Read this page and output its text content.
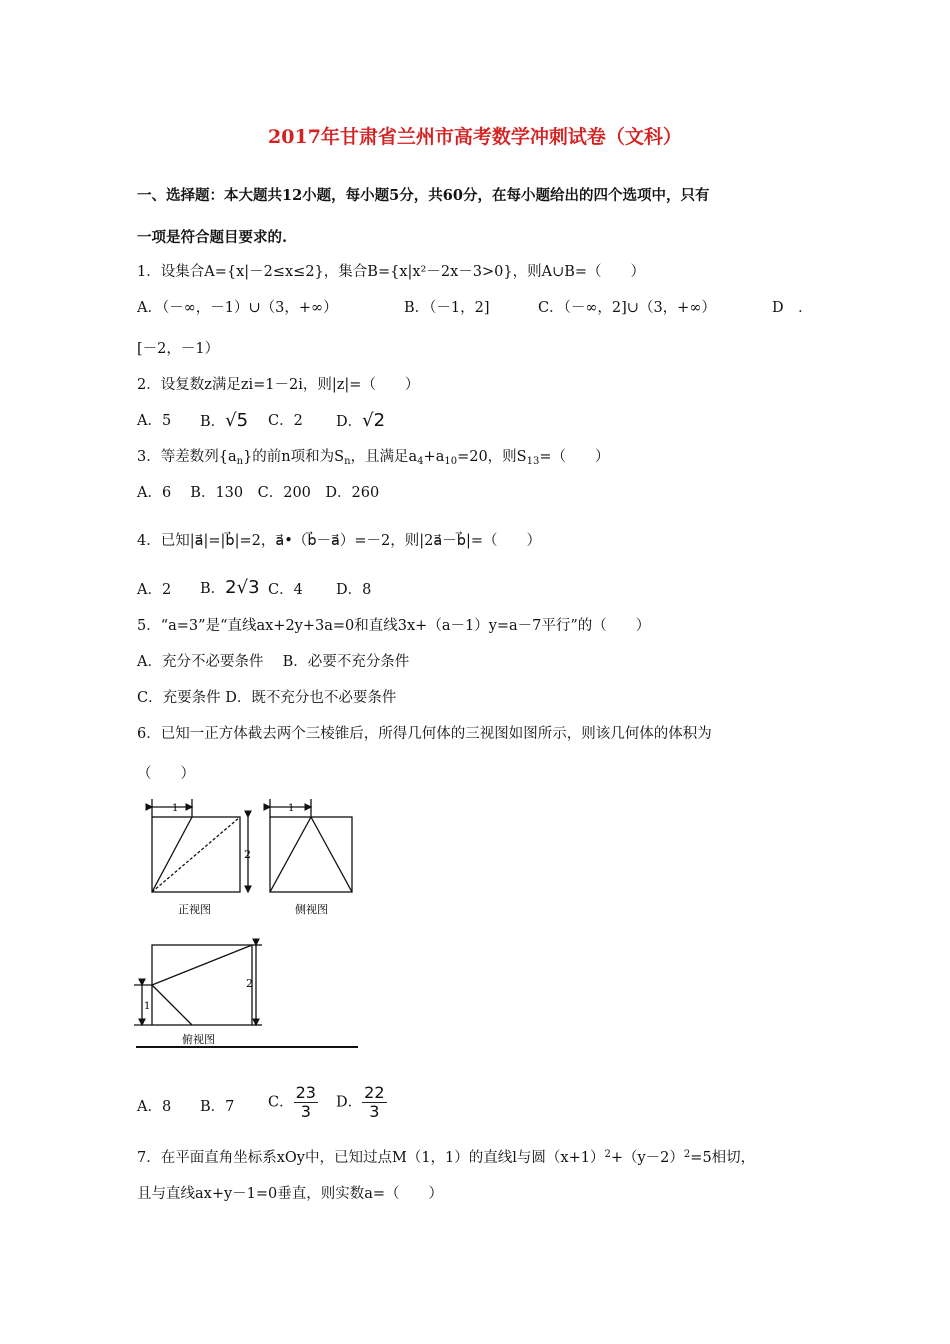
2017年甘肃省兰州市高考数学冲刺试卷（文科）
一、选择题：本大题共12小题，每小题5分，共60分，在每小题给出的四个选项中，只有
一项是符合题目要求的.
1．设集合A={x|－2≤x≤2}，集合B={x|x²－2x－3>0}，则A∪B=（　　）
A．（－∞，－1）∪（3，+∞）	B．（－1，2]	C．（－∞，2]∪（3，+∞）	D　．
[－2，－1）
2．设复数z满足zi=1－2i，则|z|=（　　）
A．5 B．√5 C．2 D．√2
3．等差数列$\{a_n\}$的前n项和为$S_n$，且满足$a_4+a_{10}=20$，则$S_{13}=$（　　）
A．6　 B．130　C．200　D．260
4．已知|a⃗|=|b⃗|=2，a⃗•（b⃗－a⃗）=－2，则|2a⃗－b⃗|=（　　）
A．2 B．2√3 C．4 D．8
5．“a=3”是“直线ax+2y+3a=0和直线3x+（a－1）y=a－7平行”的（　　）
A．充分不必要条件　 B．必要不充分条件
C．充要条件 D．既不充分也不必要条件
6．已知一正方体截去两个三棱锥后，所得几何体的三视图如图所示，则该几何体的体积为
（　　）
1
2
正视图
1
侧视图
1
2
俯视图
A．8 B．7 C． $\frac{23}{3}$ D． $\frac{22}{3}$
7．在平面直角坐标系xOy中，已知过点M（1，1）的直线l与圆$(x+1)^2+(y-2)^2=5$相切，
且与直线ax+y－1=0垂直，则实数a=（　　）
